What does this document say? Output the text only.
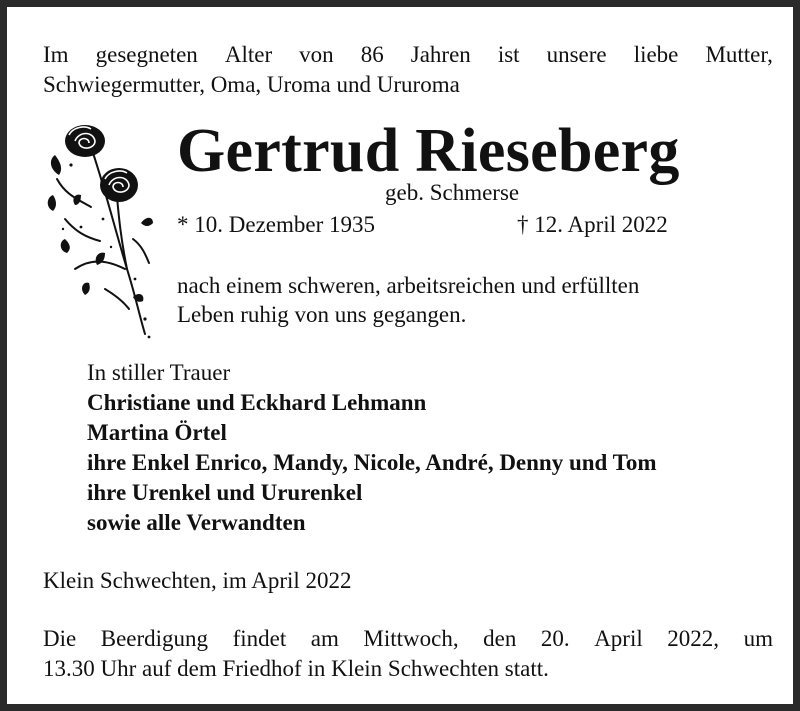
Im gesegneten Alter von 86 Jahren ist unsere liebe Mutter,
Schwiegermutter, Oma, Uroma und Ururoma
Gertrud Rieseberg
geb. Schmerse
* 10. Dezember 1935	† 12. April 2022
nach einem schweren, arbeitsreichen und erfüllten
Leben ruhig von uns gegangen.
In stiller Trauer
Christiane und Eckhard Lehmann
Martina Örtel
ihre Enkel Enrico, Mandy, Nicole, André, Denny und Tom
ihre Urenkel und Ururenkel
sowie alle Verwandten
Klein Schwechten, im April 2022
Die Beerdigung findet am Mittwoch, den 20. April 2022, um
13.30 Uhr auf dem Friedhof in Klein Schwechten statt.
